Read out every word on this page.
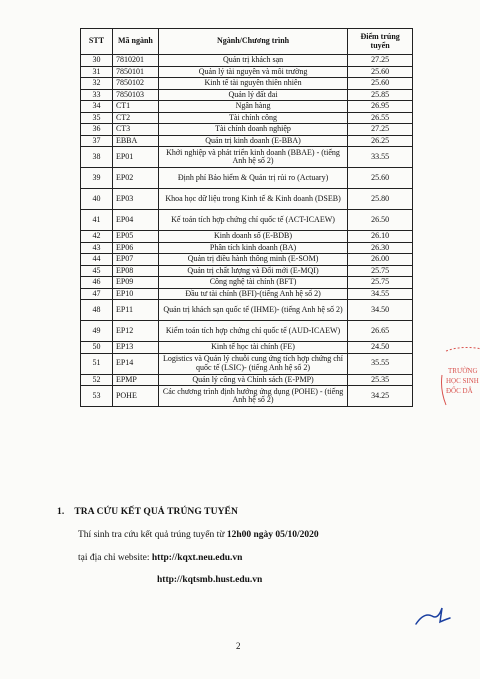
STT	Mã ngành	Ngành/Chương trình	Điểm trúng tuyển
30	7810201	Quản trị khách sạn	27.25
31	7850101	Quản lý tài nguyên và môi trường	25.60
32	7850102	Kinh tế tài nguyên thiên nhiên	25.60
33	7850103	Quản lý đất đai	25.85
34	CT1	Ngân hàng	26.95
35	CT2	Tài chính công	26.55
36	CT3	Tài chính doanh nghiệp	27.25
37	EBBA	Quản trị kinh doanh (E-BBA)	26.25
38	EP01	Khởi nghiệp và phát triển kinh doanh (BBAE) - (tiếng Anh hệ số 2)	33.55
39	EP02	Định phí Bảo hiểm & Quản trị rủi ro (Actuary)	25.60
40	EP03	Khoa học dữ liệu trong Kinh tế & Kinh doanh (DSEB)	25.80
41	EP04	Kế toán tích hợp chứng chỉ quốc tế (ACT-ICAEW)	26.50
42	EP05	Kinh doanh số (E-BDB)	26.10
43	EP06	Phân tích kinh doanh (BA)	26.30
44	EP07	Quản trị điều hành thông minh (E-SOM)	26.00
45	EP08	Quản trị chất lượng và Đổi mới (E-MQI)	25.75
46	EP09	Công nghệ tài chính (BFT)	25.75
47	EP10	Đầu tư tài chính (BFI)-(tiếng Anh hệ số 2)	34.55
48	EP11	Quản trị khách sạn quốc tế (IHME)- (tiếng Anh hệ số 2)	34.50
49	EP12	Kiểm toán tích hợp chứng chỉ quốc tế (AUD-ICAEW)	26.65
50	EP13	Kinh tế học tài chính (FE)	24.50
51	EP14	Logistics và Quản lý chuỗi cung ứng tích hợp chứng chỉ quốc tế (LSIC)- (tiếng Anh hệ số 2)	35.55
52	EPMP	Quản lý công và Chính sách (E-PMP)	25.35
53	POHE	Các chương trình định hướng ứng dụng (POHE) - (tiếng Anh hệ số 2)	34.25
1. TRA CỨU KẾT QUẢ TRÚNG TUYỂN
Thí sinh tra cứu kết quả trúng tuyển từ 12h00 ngày 05/10/2020
tại địa chỉ website: http://kqxt.neu.edu.vn
http://kqtsmb.hust.edu.vn
TRƯỜNG
HỌC SINH
ĐỐC DÂ
2
